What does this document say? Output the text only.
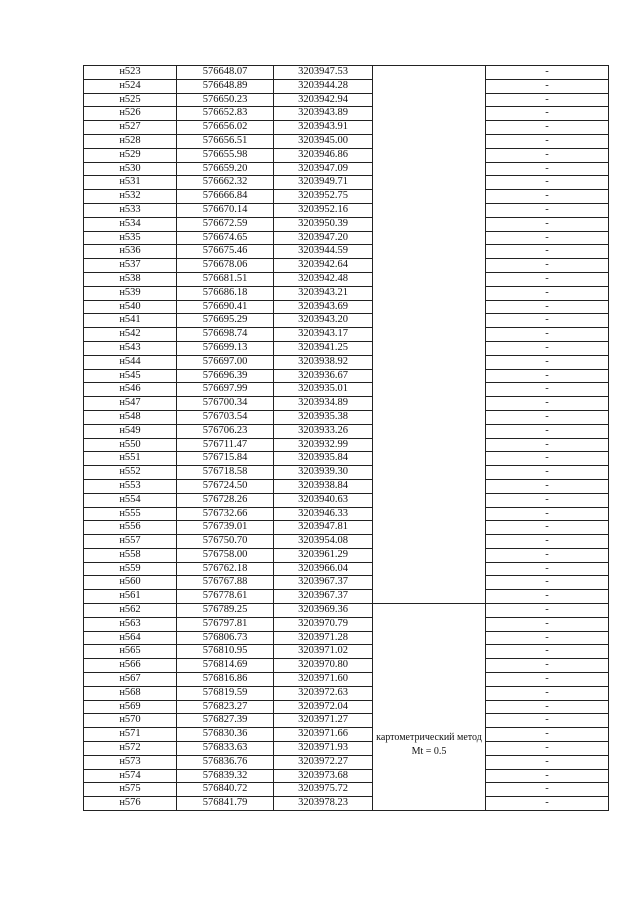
н523	576648.07	3203947.53		-
н524	576648.89	3203944.28		-
н525	576650.23	3203942.94		-
н526	576652.83	3203943.89		-
н527	576656.02	3203943.91		-
н528	576656.51	3203945.00		-
н529	576655.98	3203946.86		-
н530	576659.20	3203947.09		-
н531	576662.32	3203949.71		-
н532	576666.84	3203952.75		-
н533	576670.14	3203952.16		-
н534	576672.59	3203950.39		-
н535	576674.65	3203947.20		-
н536	576675.46	3203944.59		-
н537	576678.06	3203942.64		-
н538	576681.51	3203942.48		-
н539	576686.18	3203943.21		-
н540	576690.41	3203943.69		-
н541	576695.29	3203943.20		-
н542	576698.74	3203943.17		-
н543	576699.13	3203941.25		-
н544	576697.00	3203938.92		-
н545	576696.39	3203936.67		-
н546	576697.99	3203935.01		-
н547	576700.34	3203934.89		-
н548	576703.54	3203935.38		-
н549	576706.23	3203933.26		-
н550	576711.47	3203932.99		-
н551	576715.84	3203935.84		-
н552	576718.58	3203939.30		-
н553	576724.50	3203938.84		-
н554	576728.26	3203940.63		-
н555	576732.66	3203946.33		-
н556	576739.01	3203947.81		-
н557	576750.70	3203954.08		-
н558	576758.00	3203961.29		-
н559	576762.18	3203966.04		-
н560	576767.88	3203967.37		-
н561	576778.61	3203967.37		-
н562	576789.25	3203969.36	картометрический метод Mt = 0.5	-
н563	576797.81	3203970.79		-
н564	576806.73	3203971.28		-
н565	576810.95	3203971.02		-
н566	576814.69	3203970.80		-
н567	576816.86	3203971.60		-
н568	576819.59	3203972.63		-
н569	576823.27	3203972.04		-
н570	576827.39	3203971.27		-
н571	576830.36	3203971.66		-
н572	576833.63	3203971.93		-
н573	576836.76	3203972.27		-
н574	576839.32	3203973.68		-
н575	576840.72	3203975.72		-
н576	576841.79	3203978.23		-
